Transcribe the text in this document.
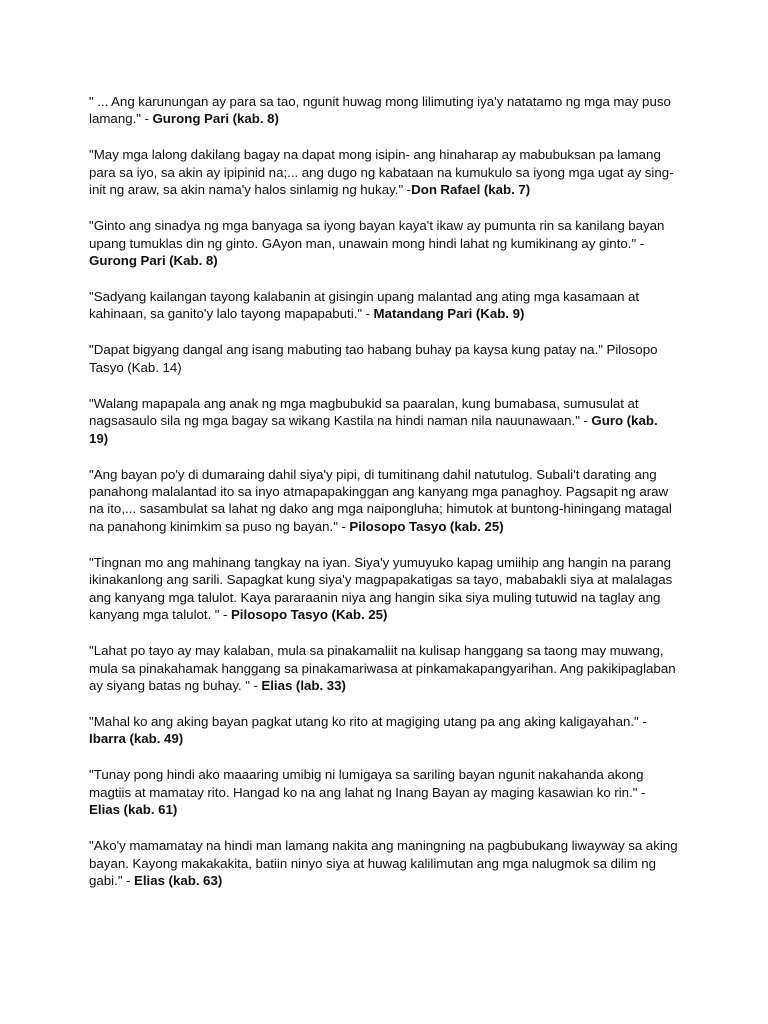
" ... Ang karunungan ay para sa tao, ngunit huwag mong lilimuting iya'y natatamo ng mga may puso lamang." - Gurong Pari (kab. 8)

"May mga lalong dakilang bagay na dapat mong isipin- ang hinaharap ay mabubuksan pa lamang para sa iyo, sa akin ay ipipinid na;... ang dugo ng kabataan na kumukulo sa iyong mga ugat ay sing-init ng araw, sa akin nama'y halos sinlamig ng hukay." -Don Rafael (kab. 7)

"Ginto ang sinadya ng mga banyaga sa iyong bayan kaya't ikaw ay pumunta rin sa kanilang bayan upang tumuklas din ng ginto. GAyon man, unawain mong hindi lahat ng kumikinang ay ginto." - Gurong Pari (Kab. 8)

"Sadyang kailangan tayong kalabanin at gisingin upang malantad ang ating mga kasamaan at kahinaan, sa ganito'y lalo tayong mapapabuti." - Matandang Pari (Kab. 9)

"Dapat bigyang dangal ang isang mabuting tao habang buhay pa kaysa kung patay na." Pilosopo Tasyo (Kab. 14)

"Walang mapapala ang anak ng mga magbubukid sa paaralan, kung bumabasa, sumusulat at nagsasaulo sila ng mga bagay sa wikang Kastila na hindi naman nila nauunawaan." - Guro (kab. 19)

"Ang bayan po'y di dumaraing dahil siya'y pipi, di tumitinang dahil natutulog. Subali't darating ang panahong malalantad ito sa inyo atmapapakinggan ang kanyang mga panaghoy. Pagsapit ng araw na ito,... sasambulat sa lahat ng dako ang mga naipongluha; himutok at buntong-hiningang matagal na panahong kinimkim sa puso ng bayan." - Pilosopo Tasyo (kab. 25)

"Tingnan mo ang mahinang tangkay na iyan. Siya'y yumuyuko kapag umiihip ang hangin na parang ikinakanlong ang sarili. Sapagkat kung siya'y magpapakatigas sa tayo, mababakli siya at malalagas ang kanyang mga talulot. Kaya pararaanin niya ang hangin sika siya muling tutuwid na taglay ang kanyang mga talulot. " - Pilosopo Tasyo (Kab. 25)

"Lahat po tayo ay may kalaban, mula sa pinakamaliit na kulisap hanggang sa taong may muwang, mula sa pinakahamak hanggang sa pinakamariwasa at pinkamakapangyarihan. Ang pakikipaglaban ay siyang batas ng buhay. " - Elias (lab. 33)

"Mahal ko ang aking bayan pagkat utang ko rito at magiging utang pa ang aking kaligayahan." - Ibarra (kab. 49)

"Tunay pong hindi ako maaaring umibig ni lumigaya sa sariling bayan ngunit nakahanda akong magtiis at mamatay rito. Hangad ko na ang lahat ng Inang Bayan ay maging kasawian ko rin." - Elias (kab. 61)

"Ako'y mamamatay na hindi man lamang nakita ang maningning na pagbubukang liwayway sa aking bayan. Kayong makakakita, batiin ninyo siya at huwag kalilimutan ang mga nalugmok sa dilim ng gabi." - Elias (kab. 63)
